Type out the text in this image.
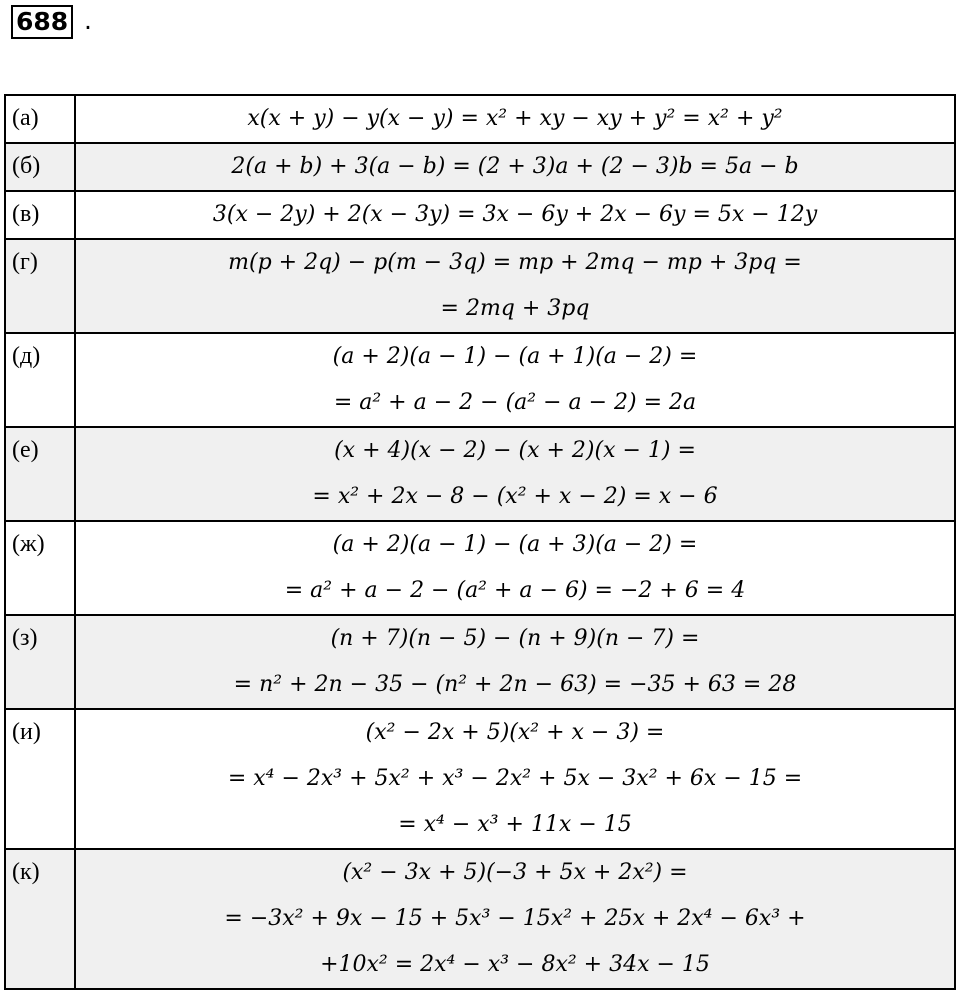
688 .
(а)	x(x + y) − y(x − y) = x² + xy − xy + y² = x² + y²

(б)	2(a + b) + 3(a − b) = (2 + 3)a + (2 − 3)b = 5a − b

(в)	3(x − 2y) + 2(x − 3y) = 3x − 6y + 2x − 6y = 5x − 12y

(г)	m(p + 2q) − p(m − 3q) = mp + 2mq − mp + 3pq =
= 2mq + 3pq

(д)	(a + 2)(a − 1) − (a + 1)(a − 2) =
= a² + a − 2 − (a² − a − 2) = 2a

(е)	(x + 4)(x − 2) − (x + 2)(x − 1) =
= x² + 2x − 8 − (x² + x − 2) = x − 6

(ж)	(a + 2)(a − 1) − (a + 3)(a − 2) =
= a² + a − 2 − (a² + a − 6) = −2 + 6 = 4

(з)	(n + 7)(n − 5) − (n + 9)(n − 7) =
= n² + 2n − 35 − (n² + 2n − 63) = −35 + 63 = 28

(и)	(x² − 2x + 5)(x² + x − 3) =
= x⁴ − 2x³ + 5x² + x³ − 2x² + 5x − 3x² + 6x − 15 =
= x⁴ − x³ + 11x − 15

(к)	(x² − 3x + 5)(−3 + 5x + 2x²) =
= −3x² + 9x − 15 + 5x³ − 15x² + 25x + 2x⁴ − 6x³ +
+10x² = 2x⁴ − x³ − 8x² + 34x − 15
